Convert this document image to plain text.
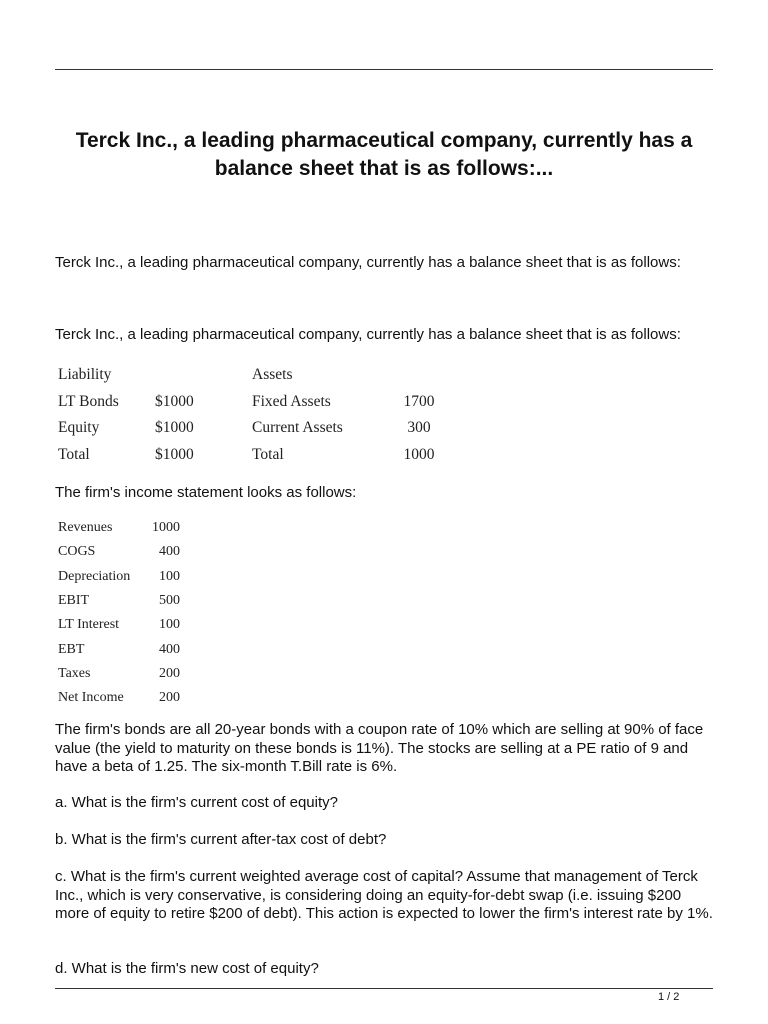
Terck Inc., a leading pharmaceutical company, currently has a balance sheet that is as follows:...

Terck Inc., a leading pharmaceutical company, currently has a balance sheet that is as follows:

Terck Inc., a leading pharmaceutical company, currently has a balance sheet that is as follows:

Liability		Assets	
LT Bonds	$1000	Fixed Assets	1700
Equity	$1000	Current Assets	300
Total	$1000	Total	1000

The firm's income statement looks as follows:

Revenues	1000
COGS	400
Depreciation	100
EBIT	500
LT Interest	100
EBT	400
Taxes	200
Net Income	200

The firm's bonds are all 20-year bonds with a coupon rate of 10% which are selling at 90% of face value (the yield to maturity on these bonds is 11%). The stocks are selling at a PE ratio of 9 and have a beta of 1.25. The six-month T.Bill rate is 6%.

a. What is the firm's current cost of equity?

b. What is the firm's current after-tax cost of debt?

c. What is the firm's current weighted average cost of capital? Assume that management of Terck Inc., which is very conservative, is considering doing an equity-for-debt swap (i.e. issuing $200 more of equity to retire $200 of debt). This action is expected to lower the firm's interest rate by 1%.

d. What is the firm's new cost of equity?

1 / 2
